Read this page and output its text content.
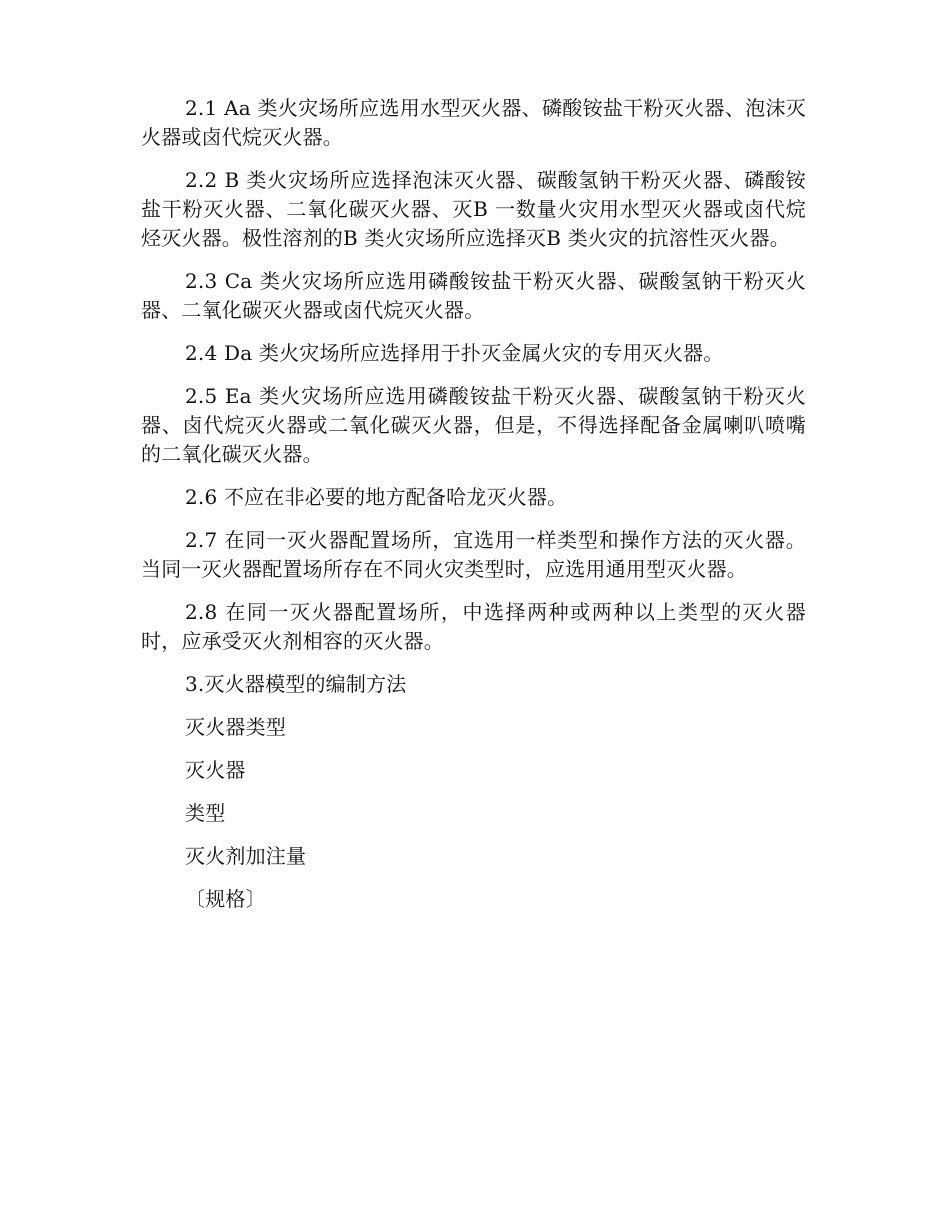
2.1 Aa 类火灾场所应选用水型灭火器、磷酸铵盐干粉灭火器、泡沫灭火器或卤代烷灭火器。

2.2 B 类火灾场所应选择泡沫灭火器、碳酸氢钠干粉灭火器、磷酸铵盐干粉灭火器、二氧化碳灭火器、灭B 一数量火灾用水型灭火器或卤代烷烃灭火器。极性溶剂的B 类火灾场所应选择灭B 类火灾的抗溶性灭火器。

2.3 Ca 类火灾场所应选用磷酸铵盐干粉灭火器、碳酸氢钠干粉灭火器、二氧化碳灭火器或卤代烷灭火器。

2.4 Da 类火灾场所应选择用于扑灭金属火灾的专用灭火器。

2.5 Ea 类火灾场所应选用磷酸铵盐干粉灭火器、碳酸氢钠干粉灭火器、卤代烷灭火器或二氧化碳灭火器，但是，不得选择配备金属喇叭喷嘴的二氧化碳灭火器。

2.6 不应在非必要的地方配备哈龙灭火器。

2.7 在同一灭火器配置场所，宜选用一样类型和操作方法的灭火器。当同一灭火器配置场所存在不同火灾类型时，应选用通用型灭火器。

2.8 在同一灭火器配置场所，中选择两种或两种以上类型的灭火器时，应承受灭火剂相容的灭火器。

3.灭火器模型的编制方法

灭火器类型

灭火器

类型

灭火剂加注量

〔规格〕
